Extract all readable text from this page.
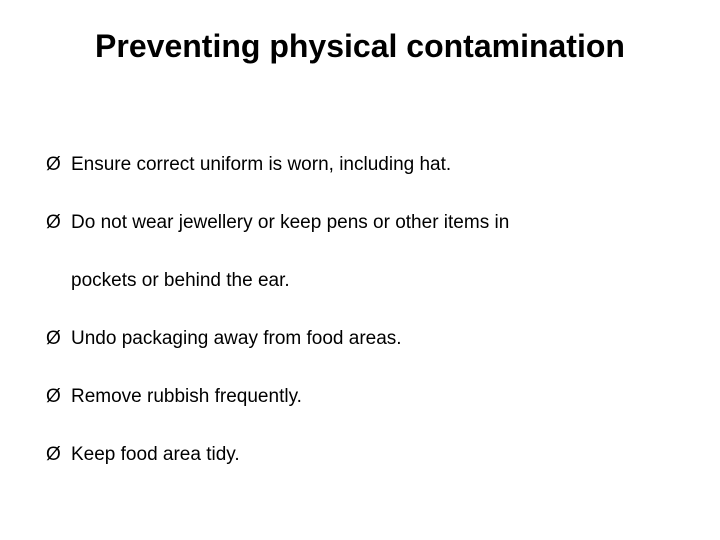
Preventing physical contamination
Ø Ensure correct uniform is worn, including hat.
Ø Do not wear jewellery or keep pens or other items in
pockets or behind the ear.
Ø Undo packaging away from food areas.
Ø Remove rubbish frequently.
Ø Keep food area tidy.
